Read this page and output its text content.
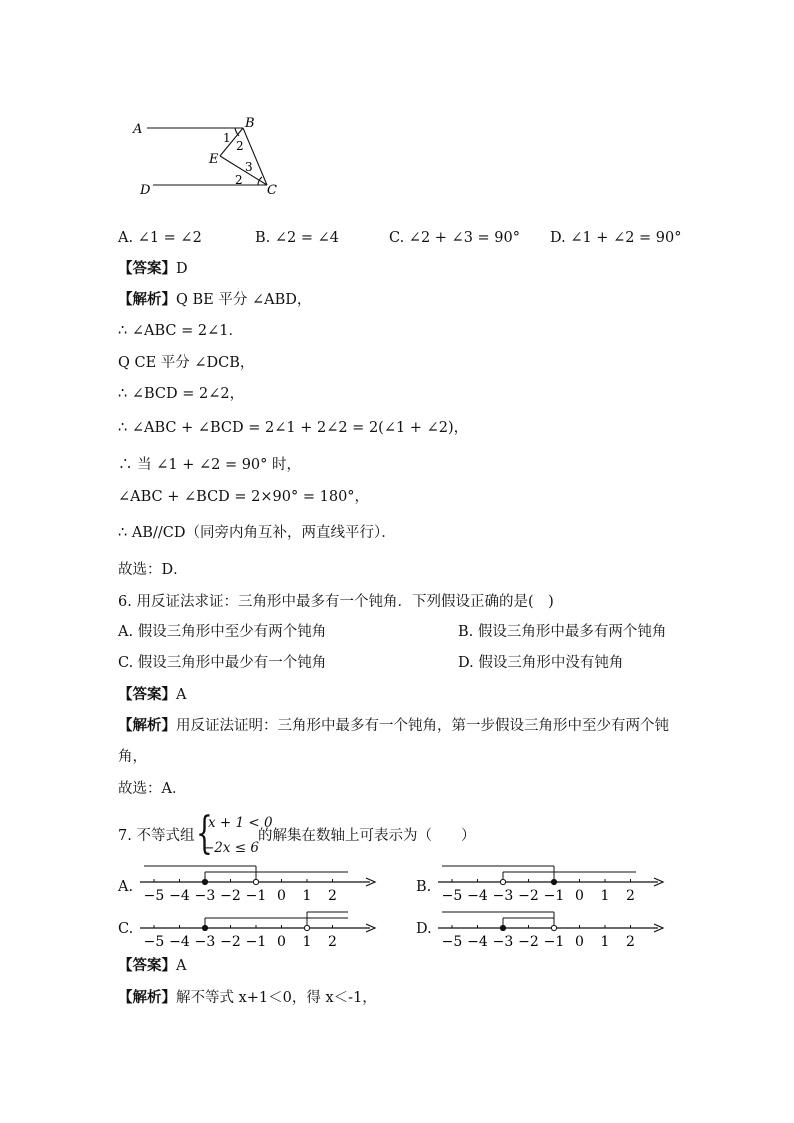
A	B
E
D	C
1
2
3
2
A. ∠1 = ∠2	B. ∠2 = ∠4	C. ∠2 + ∠3 = 90° D. ∠1 + ∠2 = 90°
【答案】D
【解析】Q BE 平分 ∠ABD，
∴ ∠ABC = 2∠1．
Q CE 平分 ∠DCB，
∴ ∠BCD = 2∠2，
∴ ∠ABC + ∠BCD = 2∠1 + 2∠2 = 2(∠1 + ∠2)，
∴ 当 ∠1 + ∠2 = 90° 时，
∠ABC + ∠BCD = 2×90° = 180°，
∴ AB//CD（同旁内角互补，两直线平行）．
故选：D．
6. 用反证法求证：三角形中最多有一个钝角．下列假设正确的是(　)
A. 假设三角形中至少有两个钝角	B. 假设三角形中最多有两个钝角
C. 假设三角形中最少有一个钝角	D. 假设三角形中没有钝角
【答案】A
【解析】用反证法证明：三角形中最多有一个钝角，第一步假设三角形中至少有两个钝
角，
故选：A．
7. 不等式组 {
x + 1 < 0
−2x ≤ 6
的解集在数轴上可表示为（　　）
A.	B.
C.	D.
−5 −4 −3 −2 −1 0 1 2	−5 −4 −3 −2 −1 0 1 2
−5 −4 −3 −2 −1 0 1 2	−5 −4 −3 −2 −1 0 1 2
【答案】A
【解析】解不等式 x+1＜0，得 x＜-1，
